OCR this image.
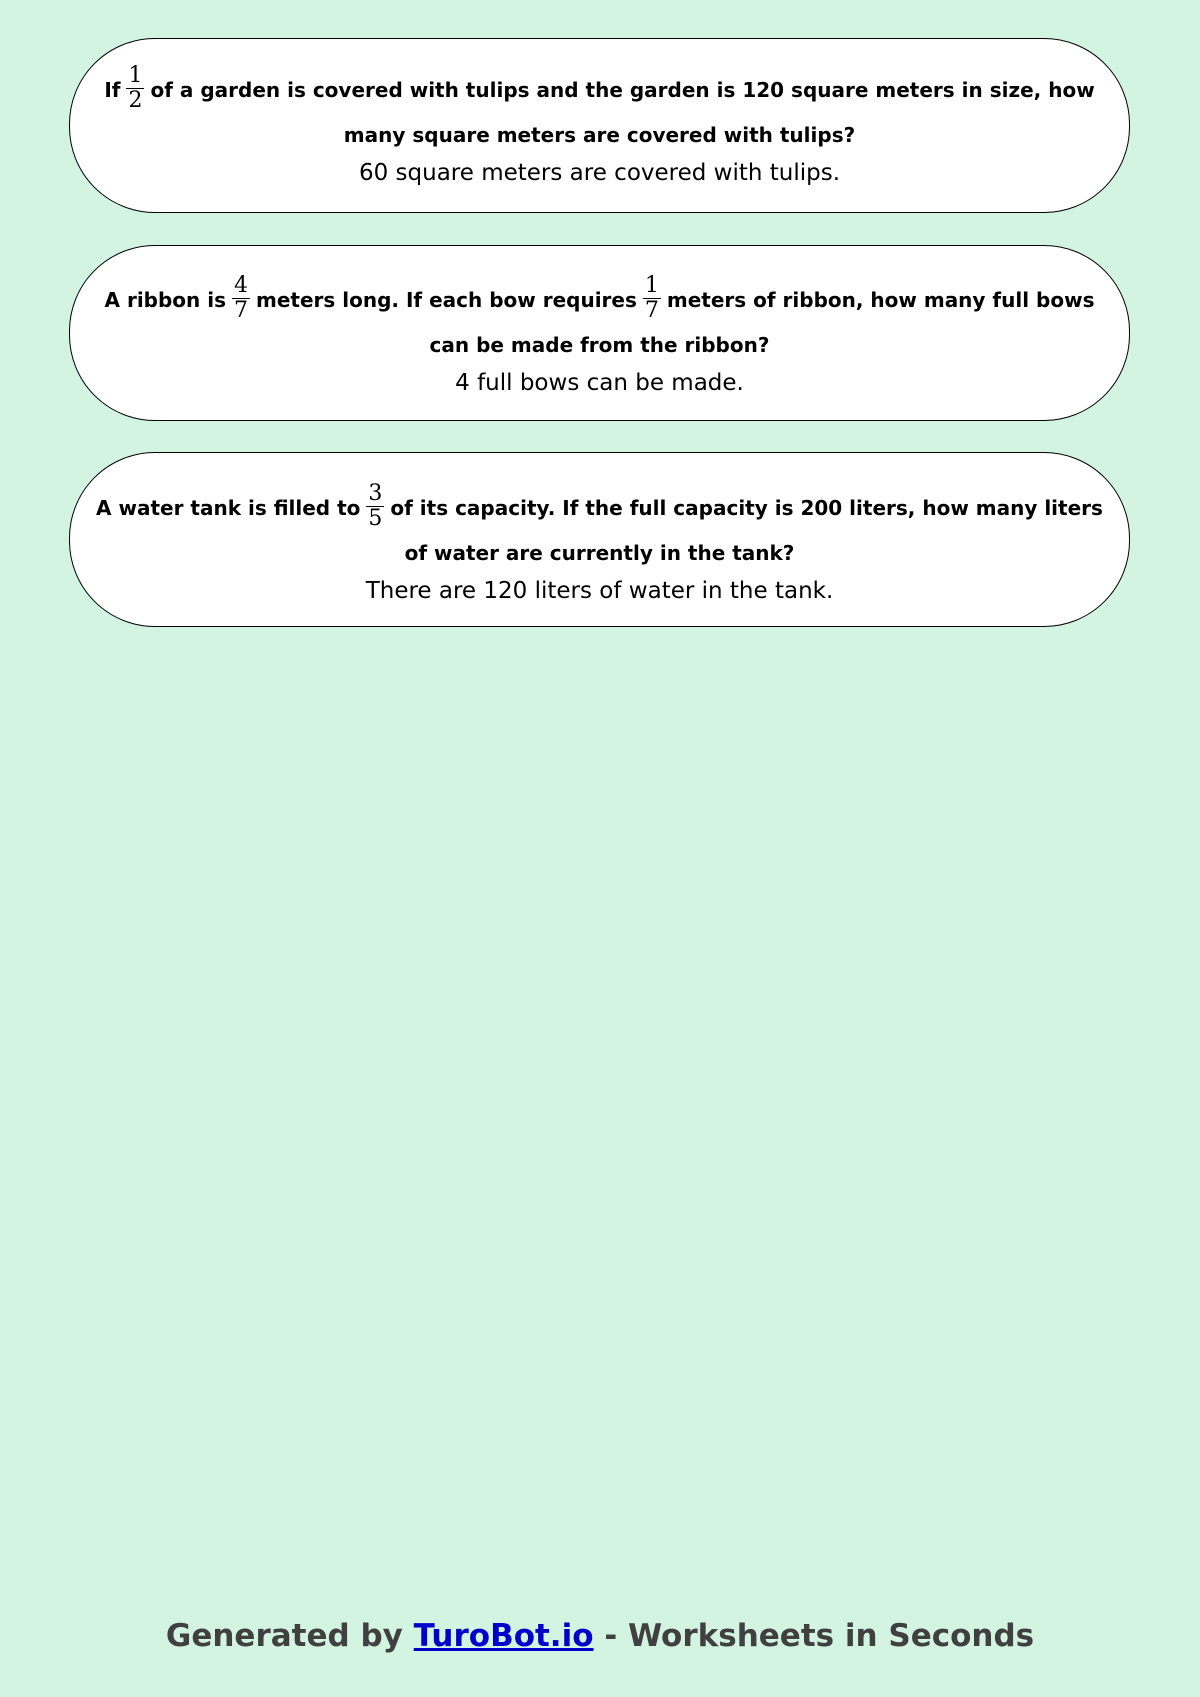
If $\frac{1}{2}$ of a garden is covered with tulips and the garden is 120 square meters in size, how many square meters are covered with tulips?
60 square meters are covered with tulips.
A ribbon is $\frac{4}{7}$ meters long. If each bow requires $\frac{1}{7}$ meters of ribbon, how many full bows can be made from the ribbon?
4 full bows can be made.
A water tank is filled to $\frac{3}{5}$ of its capacity. If the full capacity is 200 liters, how many liters of water are currently in the tank?
There are 120 liters of water in the tank.
Generated by TuroBot.io - Worksheets in Seconds
